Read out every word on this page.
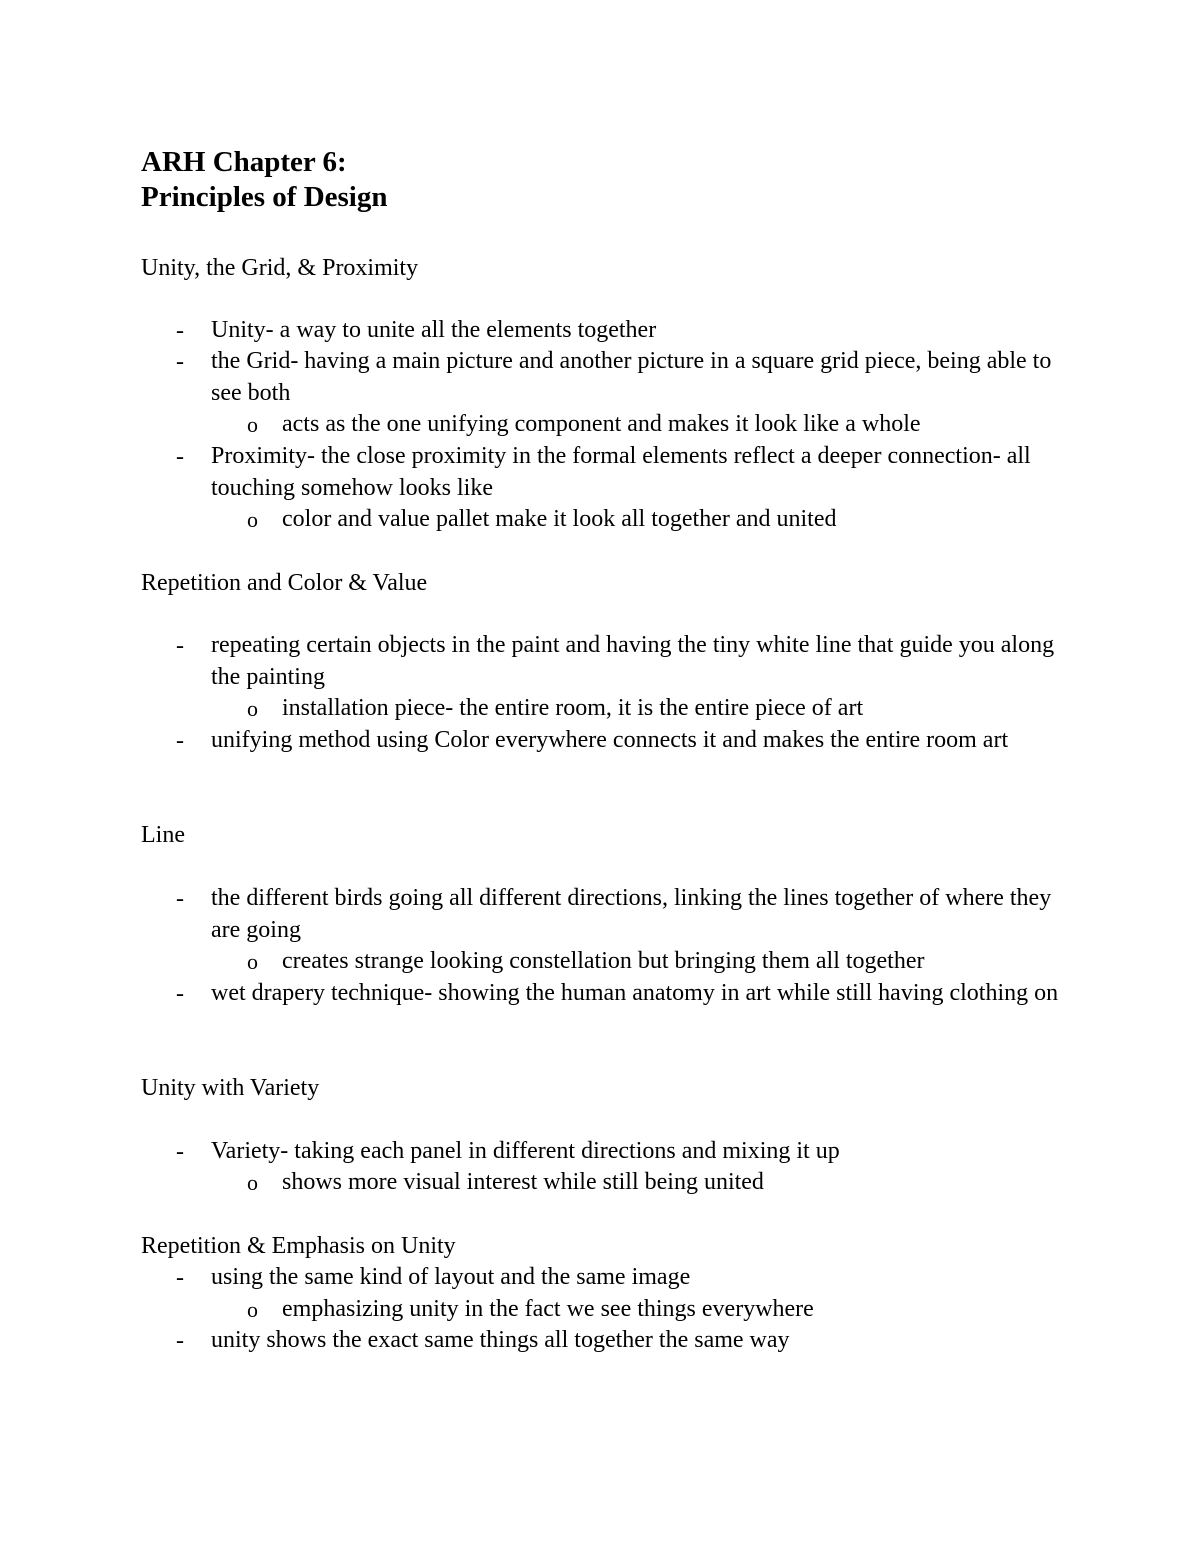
ARH Chapter 6:
Principles of Design
Unity, the Grid, & Proximity
- Unity- a way to unite all the elements together
- the Grid- having a main picture and another picture in a square grid piece, being able to see both
o acts as the one unifying component and makes it look like a whole
- Proximity- the close proximity in the formal elements reflect a deeper connection- all touching somehow looks like
o color and value pallet make it look all together and united
Repetition and Color & Value
- repeating certain objects in the paint and having the tiny white line that guide you along the painting
o installation piece- the entire room, it is the entire piece of art
- unifying method using Color everywhere connects it and makes the entire room art
Line
- the different birds going all different directions, linking the lines together of where they are going
o creates strange looking constellation but bringing them all together
- wet drapery technique- showing the human anatomy in art while still having clothing on
Unity with Variety
- Variety- taking each panel in different directions and mixing it up
o shows more visual interest while still being united
Repetition & Emphasis on Unity
- using the same kind of layout and the same image
o emphasizing unity in the fact we see things everywhere
- unity shows the exact same things all together the same way
